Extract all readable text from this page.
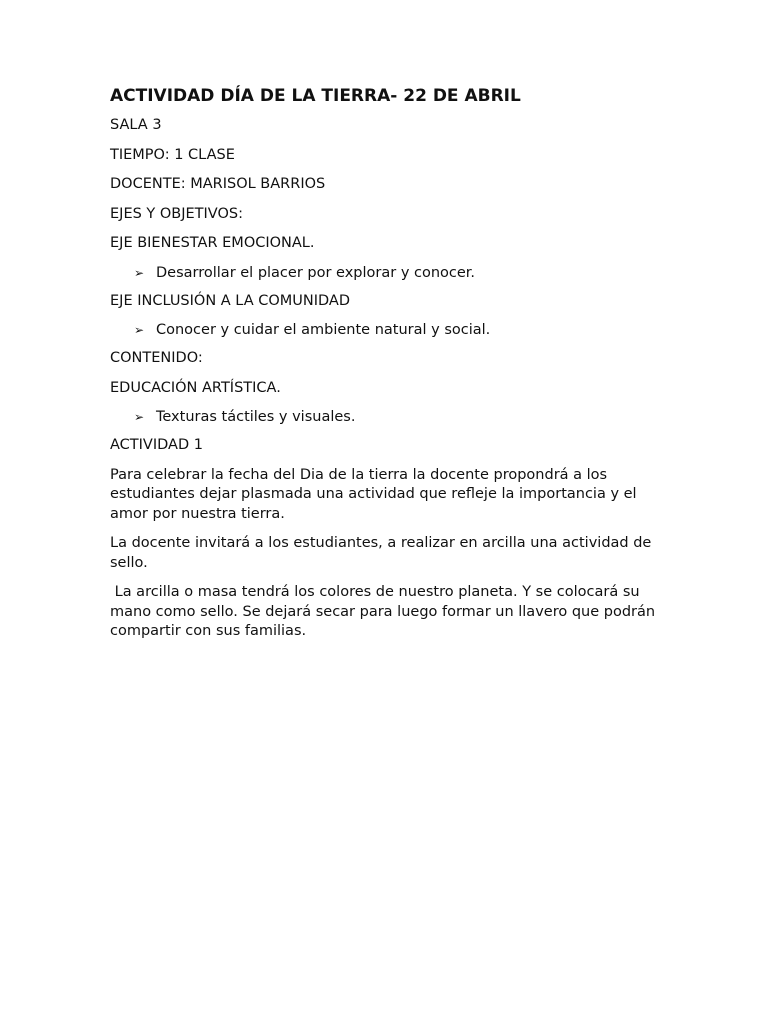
ACTIVIDAD DÍA DE LA TIERRA- 22 DE ABRIL
SALA 3
TIEMPO: 1 CLASE
DOCENTE: MARISOL BARRIOS
EJES Y OBJETIVOS:
EJE BIENESTAR EMOCIONAL.
➢ Desarrollar el placer por explorar y conocer.
EJE INCLUSIÓN A LA COMUNIDAD
➢ Conocer y cuidar el ambiente natural y social.
CONTENIDO:
EDUCACIÓN ARTÍSTICA.
➢ Texturas táctiles y visuales.
ACTIVIDAD 1
Para celebrar la fecha del Dia de la tierra la docente propondrá a los estudiantes dejar plasmada una actividad que refleje la importancia y el amor por nuestra tierra.
La docente invitará a los estudiantes, a realizar en arcilla una actividad de sello.
La arcilla o masa tendrá los colores de nuestro planeta. Y se colocará su mano como sello. Se dejará secar para luego formar un llavero que podrán compartir con sus familias.
